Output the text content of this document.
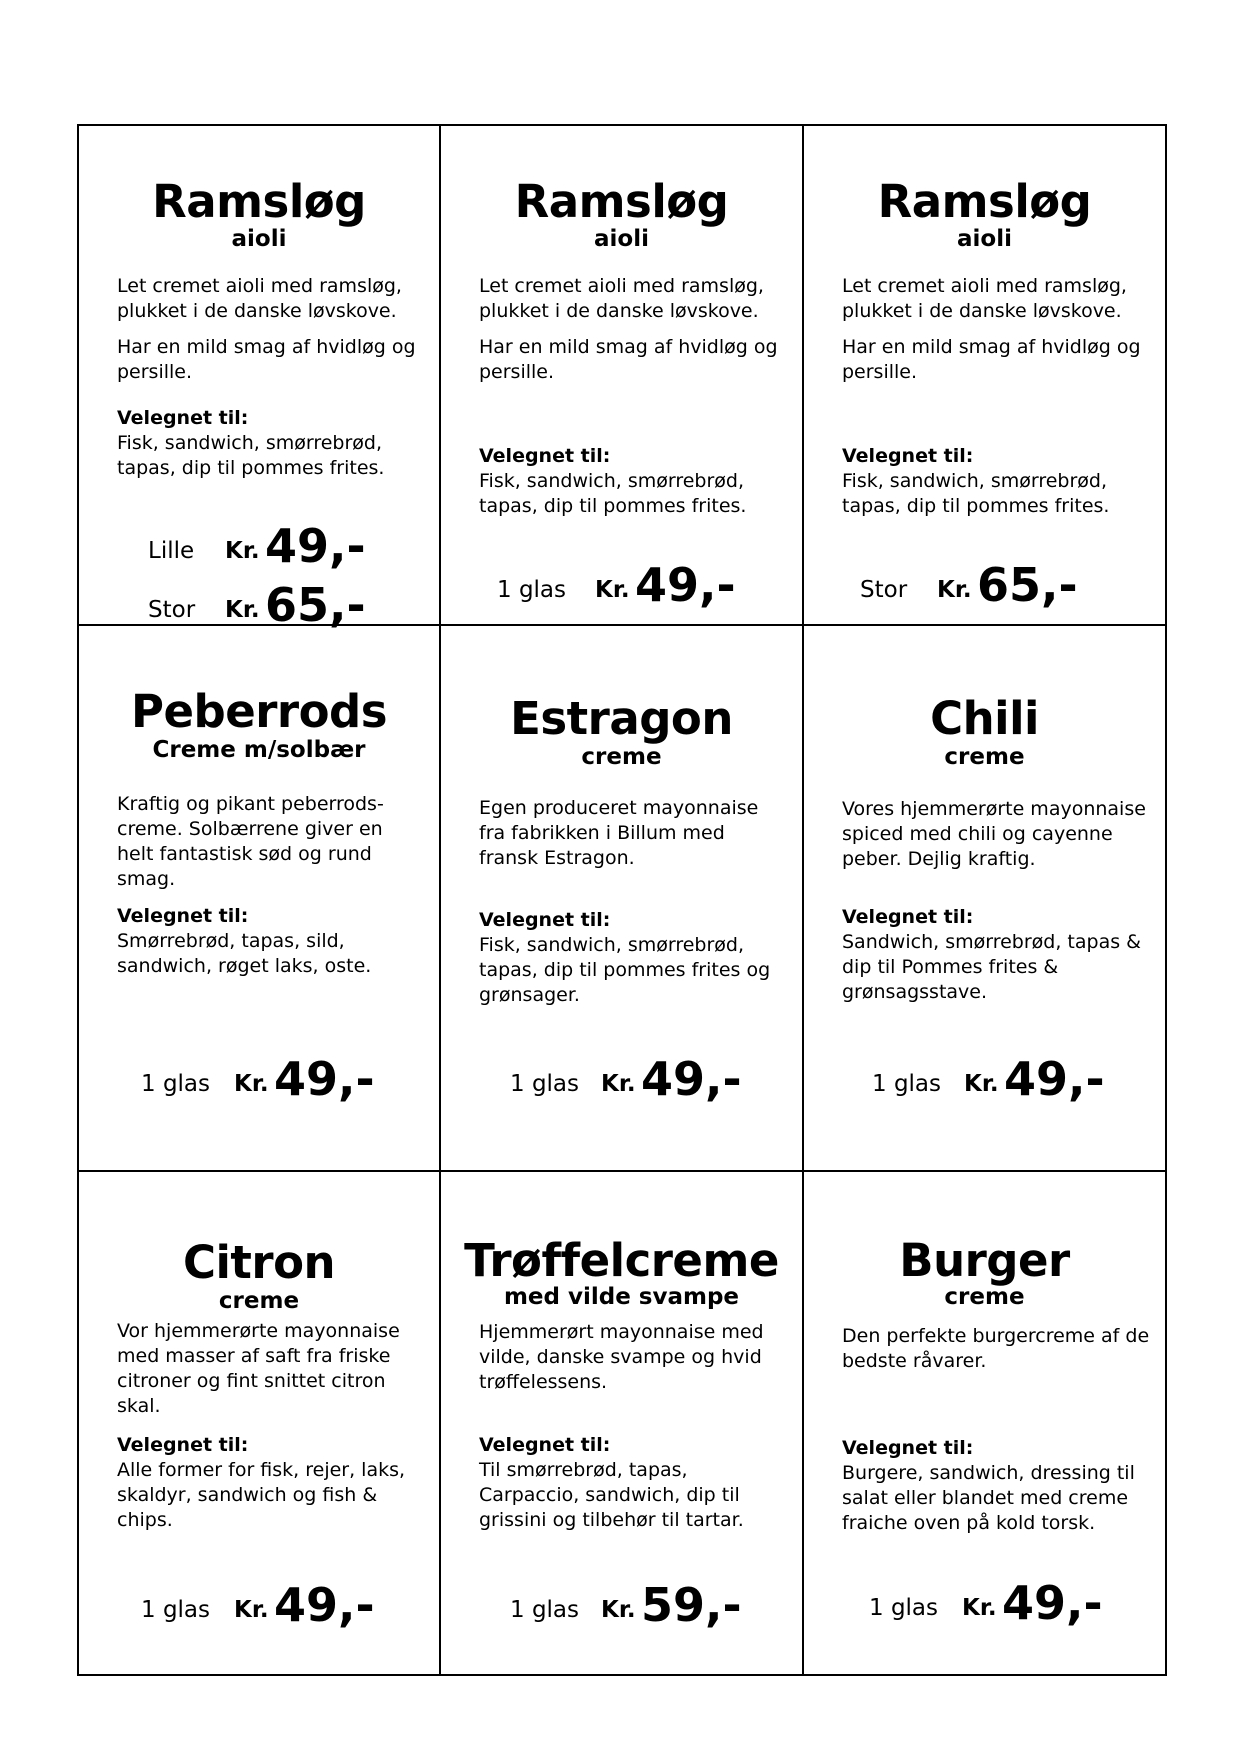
Ramsløg
aioli

Let cremet aioli med ramsløg, plukket i de danske løvskove.

Har en mild smag af hvidløg og persille.

Velegnet til:
Fisk, sandwich, smørrebrød, tapas, dip til pommes frites.
Lille Kr. 49,-
Stor Kr. 65,-
Ramsløg
aioli

Let cremet aioli med ramsløg, plukket i de danske løvskove.

Har en mild smag af hvidløg og persille.

Velegnet til:
Fisk, sandwich, smørrebrød, tapas, dip til pommes frites.
1 glas Kr. 49,-
Ramsløg
aioli

Let cremet aioli med ramsløg, plukket i de danske løvskove.

Har en mild smag af hvidløg og persille.

Velegnet til:
Fisk, sandwich, smørrebrød, tapas, dip til pommes frites.
Stor Kr. 65,-
Peberrods
Creme m/solbær

Kraftig og pikant peberrods-creme. Solbærrene giver en helt fantastisk sød og rund smag.

Velegnet til:
Smørrebrød, tapas, sild, sandwich, røget laks, oste.
1 glas Kr. 49,-
Estragon
creme

Egen produceret mayonnaise fra fabrikken i Billum med fransk Estragon.

Velegnet til:
Fisk, sandwich, smørrebrød, tapas, dip til pommes frites og grønsager.
1 glas Kr. 49,-
Chili
creme

Vores hjemmerørte mayonnaise spiced med chili og cayenne peber. Dejlig kraftig.

Velegnet til:
Sandwich, smørrebrød, tapas & dip til Pommes frites & grønsagsstave.
1 glas Kr. 49,-
Citron
creme

Vor hjemmerørte mayonnaise med masser af saft fra friske citroner og fint snittet citron skal.

Velegnet til:
Alle former for fisk, rejer, laks, skaldyr, sandwich og fish & chips.
1 glas Kr. 49,-
Trøffelcreme
med vilde svampe

Hjemmerørt mayonnaise med vilde, danske svampe og hvid trøffelessens.

Velegnet til:
Til smørrebrød, tapas, Carpaccio, sandwich, dip til grissini og tilbehør til tartar.
1 glas Kr. 59,-
Burger
creme

Den perfekte burgercreme af de bedste råvarer.

Velegnet til:
Burgere, sandwich, dressing til salat eller blandet med creme fraiche oven på kold torsk.
1 glas Kr. 49,-
